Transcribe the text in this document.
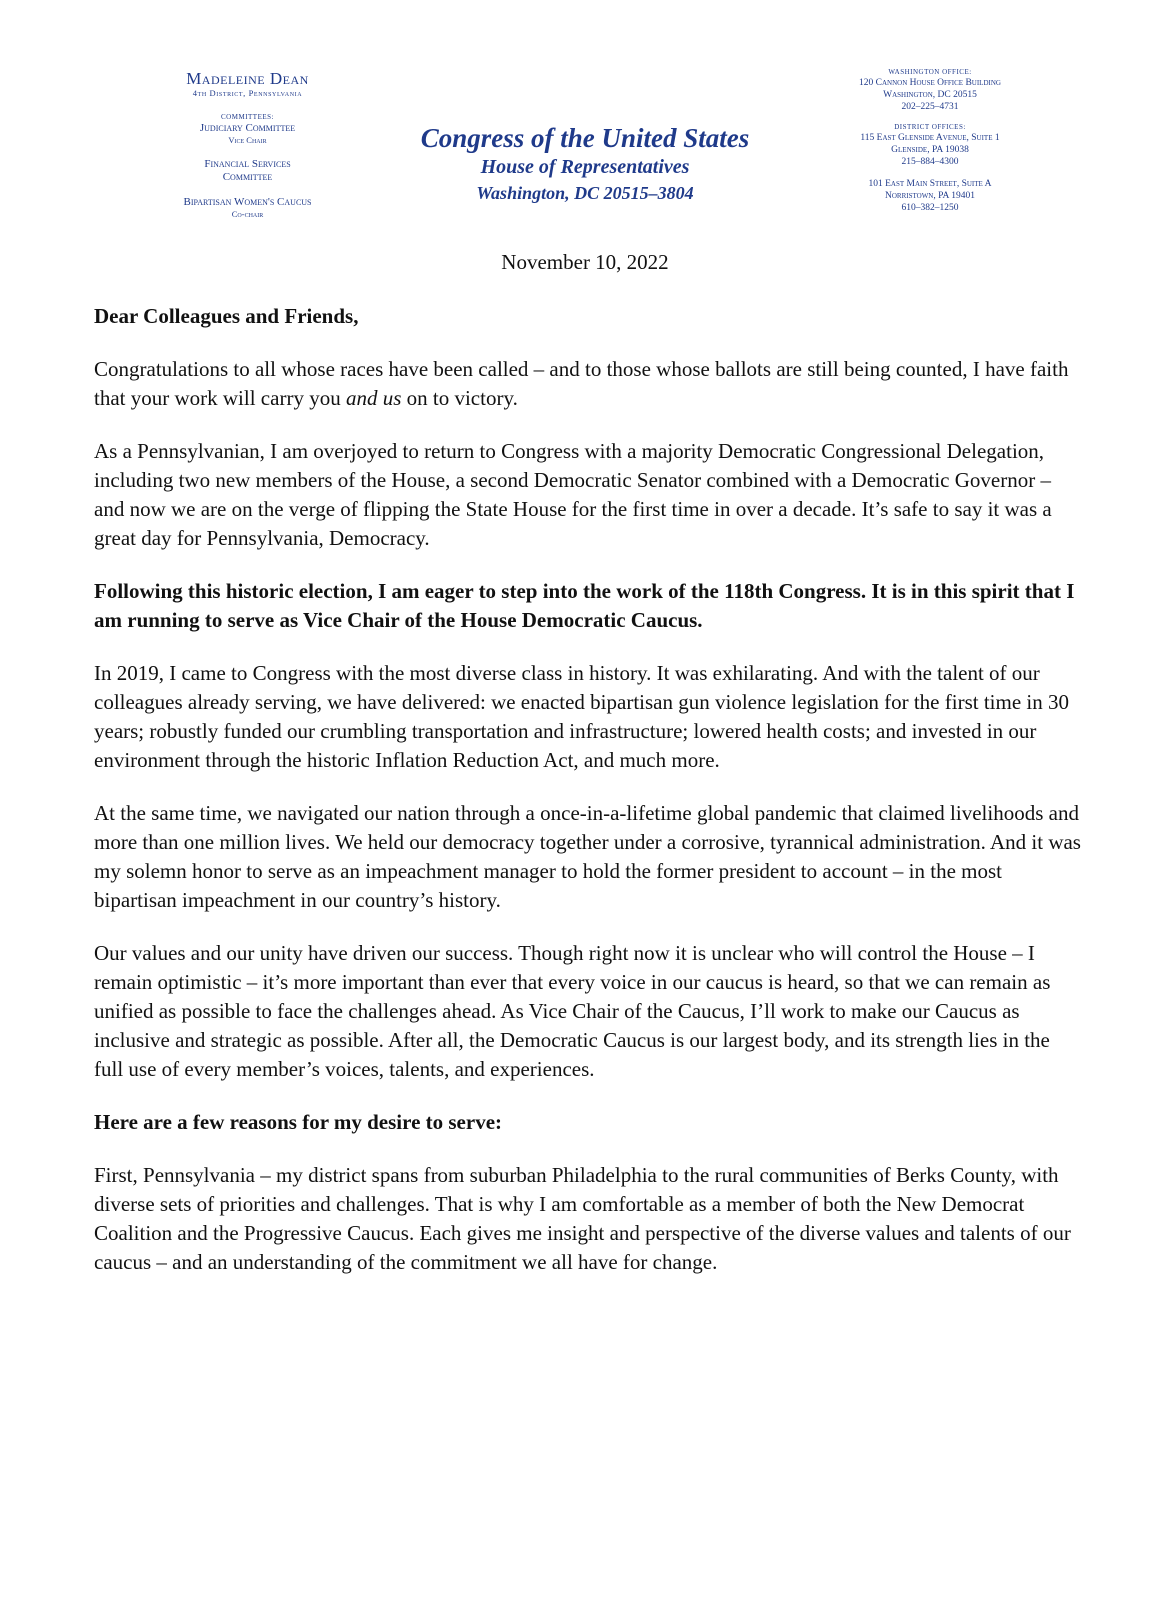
Madeleine Dean
4th District, Pennsylvania
COMMITTEES:
Judiciary Committee
Vice Chair
Financial Services
Committee
Bipartisan Women's Caucus
Co-chair
Congress of the United States
House of Representatives
Washington, DC 20515–3804
WASHINGTON OFFICE:
120 Cannon House Office Building
Washington, DC 20515
202–225–4731
DISTRICT OFFICES:
115 East Glenside Avenue, Suite 1
Glenside, PA 19038
215–884–4300
101 East Main Street, Suite A
Norristown, PA 19401
610–382–1250
November 10, 2022

Dear Colleagues and Friends,

Congratulations to all whose races have been called – and to those whose ballots are still being counted, I have faith that your work will carry you and us on to victory.

As a Pennsylvanian, I am overjoyed to return to Congress with a majority Democratic Congressional Delegation, including two new members of the House, a second Democratic Senator combined with a Democratic Governor – and now we are on the verge of flipping the State House for the first time in over a decade. It’s safe to say it was a great day for Pennsylvania, Democracy.

Following this historic election, I am eager to step into the work of the 118th Congress. It is in this spirit that I am running to serve as Vice Chair of the House Democratic Caucus.

In 2019, I came to Congress with the most diverse class in history. It was exhilarating. And with the talent of our colleagues already serving, we have delivered: we enacted bipartisan gun violence legislation for the first time in 30 years; robustly funded our crumbling transportation and infrastructure; lowered health costs; and invested in our environment through the historic Inflation Reduction Act, and much more.

At the same time, we navigated our nation through a once-in-a-lifetime global pandemic that claimed livelihoods and more than one million lives. We held our democracy together under a corrosive, tyrannical administration. And it was my solemn honor to serve as an impeachment manager to hold the former president to account – in the most bipartisan impeachment in our country’s history.

Our values and our unity have driven our success. Though right now it is unclear who will control the House – I remain optimistic – it’s more important than ever that every voice in our caucus is heard, so that we can remain as unified as possible to face the challenges ahead. As Vice Chair of the Caucus, I’ll work to make our Caucus as inclusive and strategic as possible. After all, the Democratic Caucus is our largest body, and its strength lies in the full use of every member’s voices, talents, and experiences.

Here are a few reasons for my desire to serve:

First, Pennsylvania – my district spans from suburban Philadelphia to the rural communities of Berks County, with diverse sets of priorities and challenges. That is why I am comfortable as a member of both the New Democrat Coalition and the Progressive Caucus. Each gives me insight and perspective of the diverse values and talents of our caucus – and an understanding of the commitment we all have for change.
